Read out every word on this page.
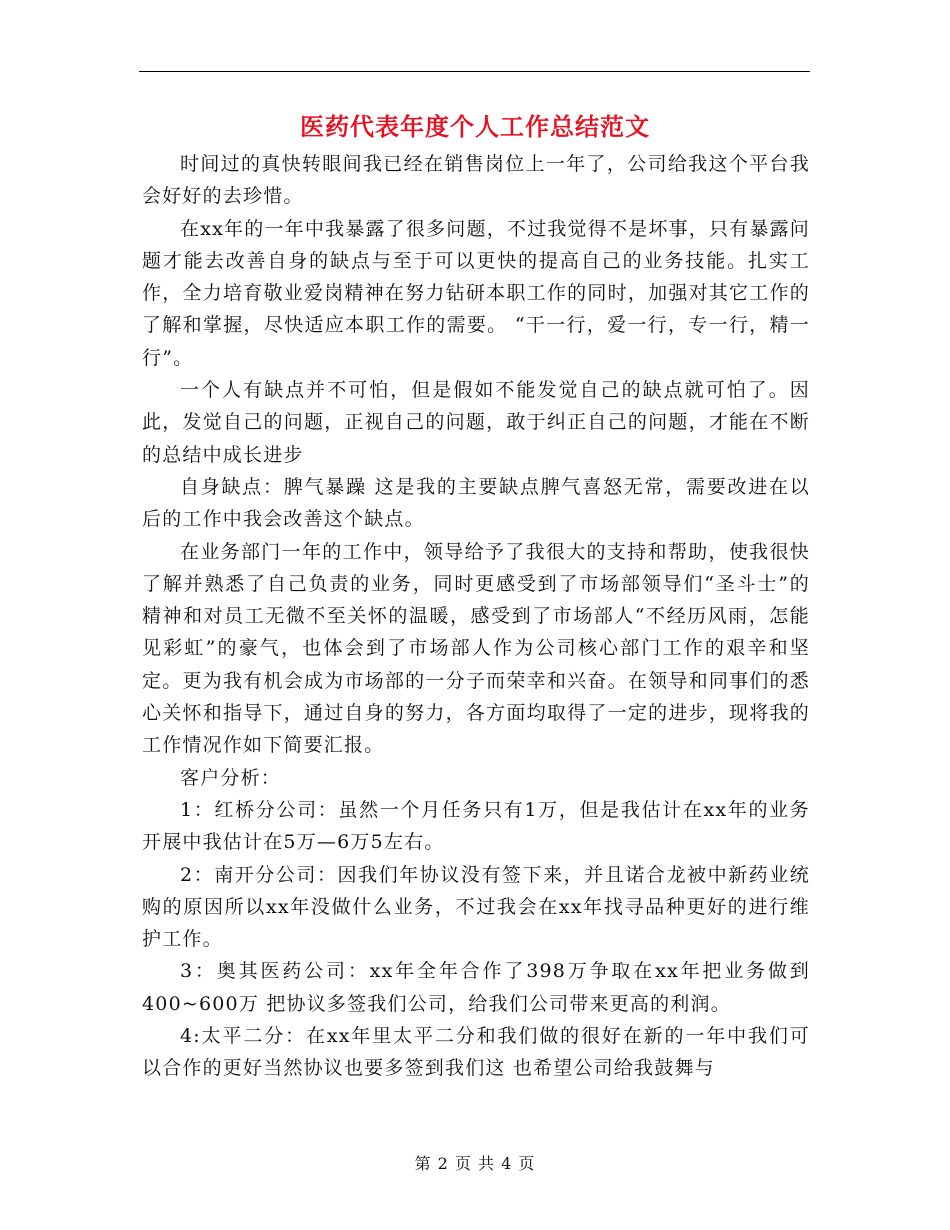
医药代表年度个人工作总结范文

时间过的真快转眼间我已经在销售岗位上一年了，公司给我这个平台我会好好的去珍惜。

在xx年的一年中我暴露了很多问题，不过我觉得不是坏事，只有暴露问题才能去改善自身的缺点与至于可以更快的提高自己的业务技能。扎实工作，全力培育敬业爱岗精神在努力钻研本职工作的同时，加强对其它工作的了解和掌握，尽快适应本职工作的需要。 “干一行，爱一行，专一行，精一行”。

一个人有缺点并不可怕，但是假如不能发觉自己的缺点就可怕了。因此，发觉自己的问题，正视自己的问题，敢于纠正自己的问题，才能在不断的总结中成长进步

自身缺点：脾气暴躁 这是我的主要缺点脾气喜怒无常，需要改进在以后的工作中我会改善这个缺点。

在业务部门一年的工作中，领导给予了我很大的支持和帮助，使我很快了解并熟悉了自己负责的业务，同时更感受到了市场部领导们“圣斗士”的精神和对员工无微不至关怀的温暖，感受到了市场部人“不经历风雨，怎能见彩虹”的豪气，也体会到了市场部人作为公司核心部门工作的艰辛和坚定。更为我有机会成为市场部的一分子而荣幸和兴奋。在领导和同事们的悉心关怀和指导下，通过自身的努力，各方面均取得了一定的进步，现将我的工作情况作如下简要汇报。

客户分析：

1：红桥分公司：虽然一个月任务只有1万，但是我估计在xx年的业务开展中我估计在5万—6万5左右。

2：南开分公司：因我们年协议没有签下来，并且诺合龙被中新药业统购的原因所以xx年没做什么业务，不过我会在xx年找寻品种更好的进行维护工作。

3：奥其医药公司：xx年全年合作了398万争取在xx年把业务做到400~600万 把协议多签我们公司，给我们公司带来更高的利润。

4:太平二分：在xx年里太平二分和我们做的很好在新的一年中我们可以合作的更好当然协议也要多签到我们这 也希望公司给我鼓舞与

第 2 页 共 4 页
